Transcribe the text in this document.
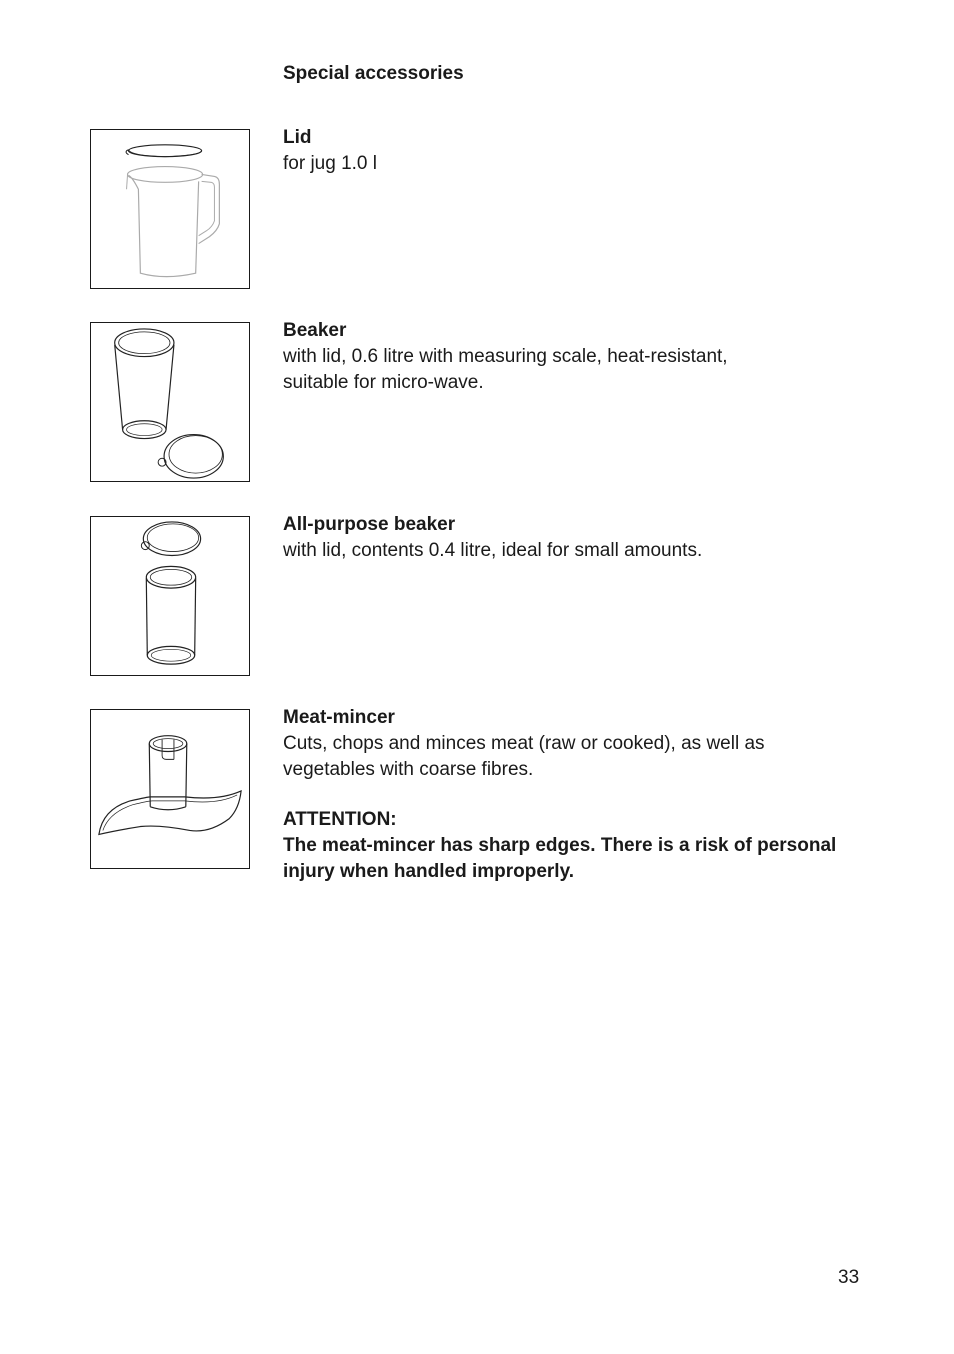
Special accessories

Lid

for jug 1.0 l

Beaker

with lid, 0.6 litre with measuring scale, heat-resistant,

suitable for micro-wave.

All-purpose beaker

with lid, contents 0.4 litre, ideal for small amounts.

Meat-mincer

Cuts, chops and minces meat (raw or cooked), as well as

vegetables with coarse fibres.

ATTENTION:

The meat-mincer has sharp edges. There is a risk of personal

injury when handled improperly.

33
